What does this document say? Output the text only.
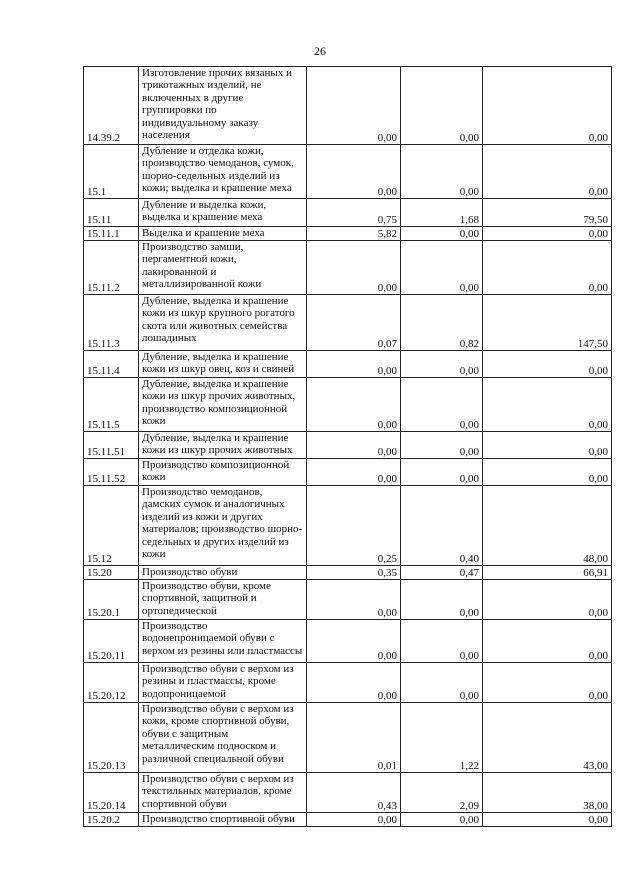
26
14.39.2	Изготовление прочих вязаных и трикотажных изделий, не включенных в другие группировки по индивидуальному заказу населения	0,00	0,00	0,00
15.1	Дубление и отделка кожи, производство чемоданов, сумок, шорно-седельных изделий из кожи; выделка и крашение меха	0,00	0,00	0,00
15.11	Дубление и выделка кожи, выделка и крашение меха	0,75	1,68	79,50
15.11.1	Выделка и крашение меха	5,82	0,00	0,00
15.11.2	Производство замши, пергаментной кожи, лакированной и металлизированной кожи	0,00	0,00	0,00
15.11.3	Дубление, выделка и крашение кожи из шкур крупного рогатого скота или животных семейства лошадиных	0,07	0,82	147,50
15.11.4	Дубление, выделка и крашение кожи из шкур овец, коз и свиней	0,00	0,00	0,00
15.11.5	Дубление, выделка и крашение кожи из шкур прочих животных, производство композиционной кожи	0,00	0,00	0,00
15.11.51	Дубление, выделка и крашение кожи из шкур прочих животных	0,00	0,00	0,00
15.11.52	Производство композиционной кожи	0,00	0,00	0,00
15.12	Производство чемоданов, дамских сумок и аналогичных изделий из кожи и других материалов; производство шорно-седельных и других изделий из кожи	0,25	0,40	48,00
15.20	Производство обуви	0,35	0,47	66,91
15.20.1	Производство обуви, кроме спортивной, защитной и ортопедической	0,00	0,00	0,00
15.20.11	Производство водонепроницаемой обуви с верхом из резины или пластмассы	0,00	0,00	0,00
15.20.12	Производство обуви с верхом из резины и пластмассы, кроме водопроницаемой	0,00	0,00	0,00
15.20.13	Производство обуви с верхом из кожи, кроме спортивной обуви, обуви с защитным металлическим подноском и различной специальной обуви	0,01	1,22	43,00
15.20.14	Производство обуви с верхом из текстильных материалов, кроме спортивной обуви	0,43	2,09	38,00
15.20.2	Производство спортивной обуви	0,00	0,00	0,00
